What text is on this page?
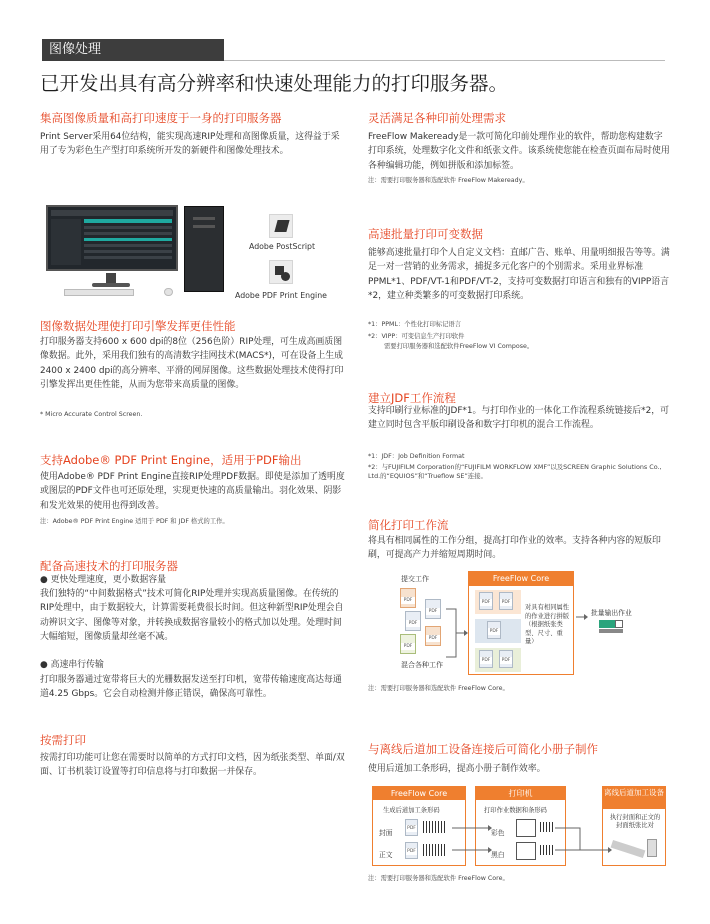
图像处理
已开发出具有高分辨率和快速处理能力的打印服务器。
集高图像质量和高打印速度于一身的打印服务器
Print Server采用64位结构，能实现高速RIP处理和高图像质量，这得益于采用了专为彩色生产型打印系统所开发的新硬件和图像处理技术。
Adobe PostScript
Adobe PDF Print Engine
图像数据处理使打印引擎发挥更佳性能
打印服务器支持600 x 600 dpi的8位（256色阶）RIP处理，可生成高画质图像数据。此外，采用我们独有的高清数字挂网技术(MACS*)，可在设备上生成2400 x 2400 dpi的高分辨率、平滑的网屏图像。这些数据处理技术使得打印引擎发挥出更佳性能，从而为您带来高质量的图像。
* Micro Accurate Control Screen.
支持Adobe® PDF Print Engine，适用于PDF输出
使用Adobe® PDF Print Engine直接RIP处理PDF数据。即使是添加了透明度或图层的PDF文件也可还原处理，实现更快速的高质量输出。羽化效果、阴影和发光效果的使用也得到改善。
注：Adobe® PDF Print Engine 适用于 PDF 和 JDF 格式的工作。
配备高速技术的打印服务器
● 更快处理速度，更小数据容量
我们独特的“中间数据格式”技术可简化RIP处理并实现高质量图像。在传统的RIP处理中，由于数据较大，计算需要耗费很长时间。但这种新型RIP处理会自动辨识文字、图像等对象，并转换成数据容量较小的格式加以处理。处理时间大幅缩短，图像质量却丝毫不减。
● 高速串行传输
打印服务器通过宽带将巨大的光栅数据发送至打印机，宽带传输速度高达每通道4.25 Gbps。它会自动检测并修正错误，确保高可靠性。
按需打印
按需打印功能可让您在需要时以简单的方式打印文档，因为纸张类型、单面/双面、订书机装订设置等打印信息将与打印数据一并保存。
灵活满足各种印前处理需求
FreeFlow Makeready是一款可简化印前处理作业的软件，帮助您构建数字打印系统，处理数字化文件和纸张文件。该系统使您能在检查页面布局时使用各种编辑功能，例如拼版和添加标签。
注：需要打印服务器和选配软件 FreeFlow Makeready。
高速批量打印可变数据
能够高速批量打印个人自定义文档：直邮广告、账单、用量明细报告等等。满足一对一营销的业务需求，捕捉多元化客户的个别需求。采用业界标准PPML*1、PDF/VT-1和PDF/VT-2，支持可变数据打印语言和独有的VIPP语言*2，建立种类繁多的可变数据打印系统。
*1：PPML：个性化打印标记语言
*2：VIPP：可变信息生产打印软件
需要打印服务器和选配软件FreeFlow VI Compose。
建立JDF工作流程
支持印刷行业标准的JDF*1。与打印作业的一体化工作流程系统链接后*2，可建立同时包含平版印刷设备和数字打印机的混合工作流程。
*1：JDF：Job Definition Format
*2：与FUJIFILM Corporation的“FUJIFILM WORKFLOW XMF”以及SCREEN Graphic Solutions Co., Ltd.的“EQUIOS”和“Trueflow SE”连接。
简化打印工作流
将具有相同属性的工作分组，提高打印作业的效率。支持各种内容的短版印刷，可提高产力并缩短周期时间。
提交工作
混合各种工作
PDF
PDF
PDF
PDF
PDF
FreeFlow Core
PDF	PDF
PDF
PDF	PDF
对具有相同属性的作业进行拼版（根据纸张类型、尺寸、重量）
批量输出作业
注：需要打印服务器和选配软件 FreeFlow Core。
与离线后道加工设备连接后可简化小册子制作
使用后道加工条形码，提高小册子制作效率。
FreeFlow Core
生成后道加工条形码
封面
正文
PDF
PDF
打印机
打印作业数据和条形码
彩色
黑白
离线后道加工设备
执行封面和正文的封面纸张比对
注：需要打印服务器和选配软件 FreeFlow Core。
